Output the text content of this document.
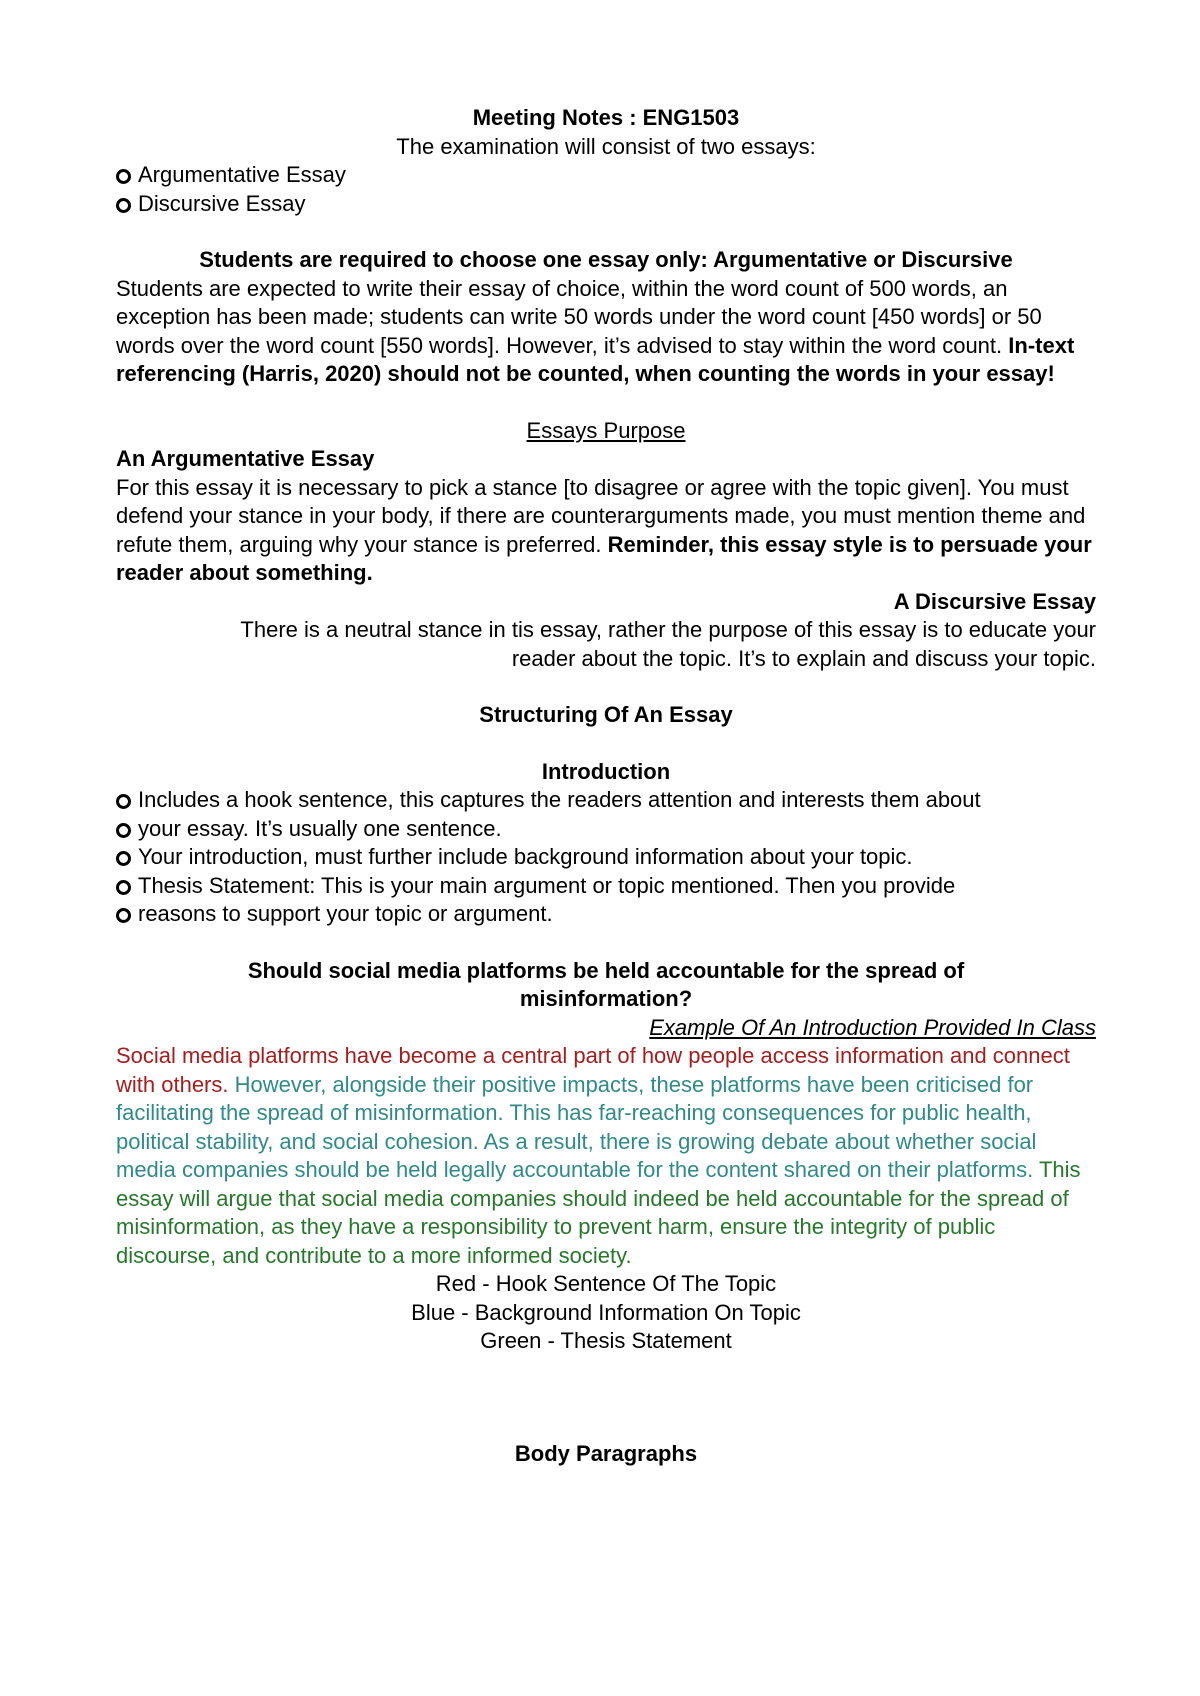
Meeting Notes : ENG1503
The examination will consist of two essays:
Argumentative Essay
Discursive Essay
Students are required to choose one essay only: Argumentative or Discursive
Students are expected to write their essay of choice, within the word count of 500 words, an exception has been made; students can write 50 words under the word count [450 words] or 50 words over the word count [550 words]. However, it’s advised to stay within the word count. In-text referencing (Harris, 2020) should not be counted, when counting the words in your essay!
Essays Purpose
An Argumentative Essay
For this essay it is necessary to pick a stance [to disagree or agree with the topic given]. You must defend your stance in your body, if there are counterarguments made, you must mention theme and refute them, arguing why your stance is preferred. Reminder, this essay style is to persuade your reader about something.
A Discursive Essay
There is a neutral stance in tis essay, rather the purpose of this essay is to educate your reader about the topic. It’s to explain and discuss your topic.
Structuring Of An Essay
Introduction
Includes a hook sentence, this captures the readers attention and interests them about
your essay. It’s usually one sentence.
Your introduction, must further include background information about your topic.
Thesis Statement: This is your main argument or topic mentioned. Then you provide
reasons to support your topic or argument.
Should social media platforms be held accountable for the spread of
misinformation?
Example Of An Introduction Provided In Class
Social media platforms have become a central part of how people access information and connect with others. However, alongside their positive impacts, these platforms have been criticised for facilitating the spread of misinformation. This has far-reaching consequences for public health, political stability, and social cohesion. As a result, there is growing debate about whether social media companies should be held legally accountable for the content shared on their platforms. This essay will argue that social media companies should indeed be held accountable for the spread of misinformation, as they have a responsibility to prevent harm, ensure the integrity of public discourse, and contribute to a more informed society.
Red - Hook Sentence Of The Topic
Blue - Background Information On Topic
Green - Thesis Statement
Body Paragraphs
